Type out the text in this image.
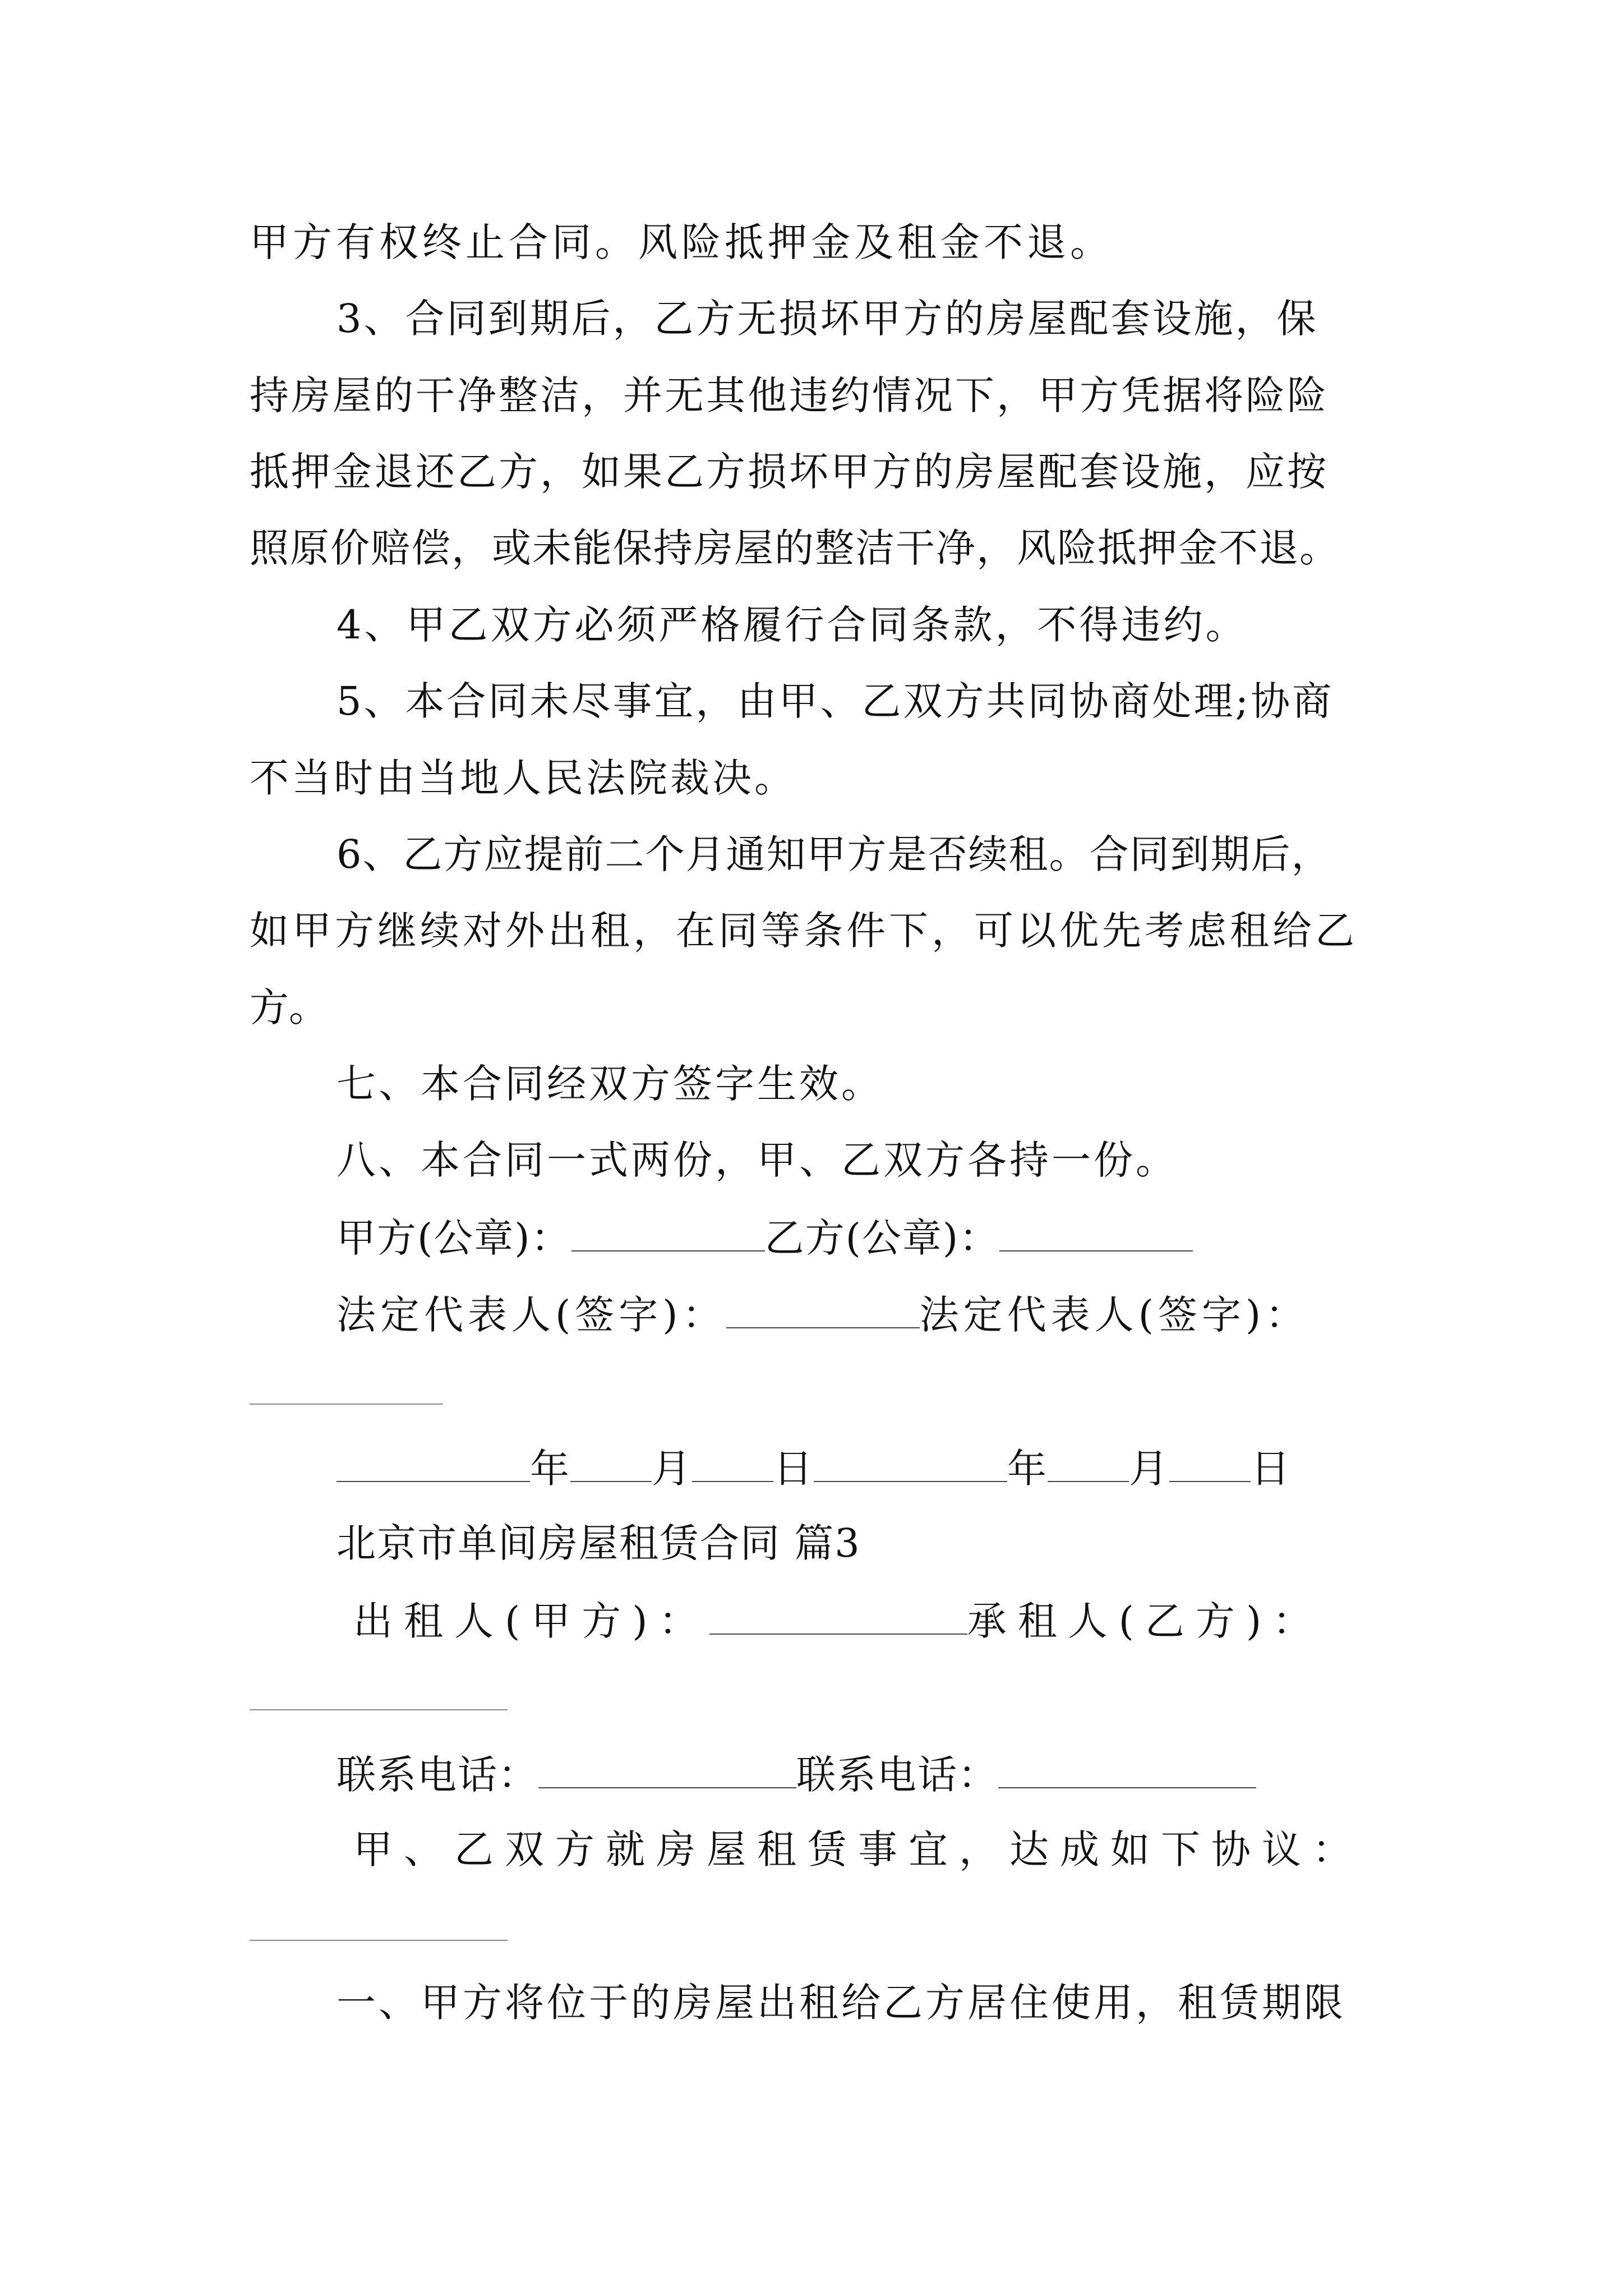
甲方有权终止合同。风险抵押金及租金不退。
3、合同到期后，乙方无损坏甲方的房屋配套设施，保
持房屋的干净整洁，并无其他违约情况下，甲方凭据将险险
抵押金退还乙方，如果乙方损坏甲方的房屋配套设施，应按
照原价赔偿，或未能保持房屋的整洁干净，风险抵押金不退。
4、甲乙双方必须严格履行合同条款，不得违约。
5、本合同未尽事宜，由甲、乙双方共同协商处理;协商
不当时由当地人民法院裁决。
6、乙方应提前二个月通知甲方是否续租。合同到期后，
如甲方继续对外出租，在同等条件下，可以优先考虑租给乙
方。
七、本合同经双方签字生效。
八、本合同一式两份，甲、乙双方各持一份。
甲方(公章)：	乙方(公章)：
法定代表人(签字)：	法定代表人(签字)：
年 月 日	年 月 日
北京市单间房屋租赁合同 篇3
出租人(甲方)：	承租人(乙方)：
联系电话：	联系电话：
甲、乙双方就房屋租赁事宜，达成如下协议：
一、甲方将位于的房屋出租给乙方居住使用，租赁期限
